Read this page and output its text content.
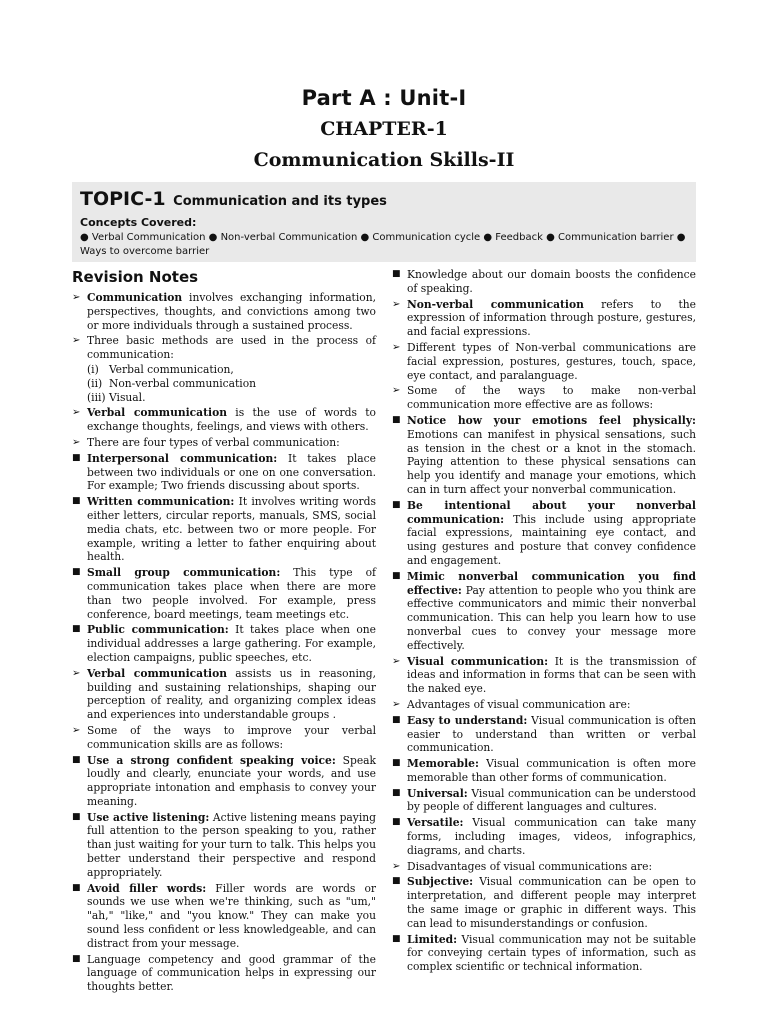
Part A : Unit-I
CHAPTER-1
Communication Skills-II
TOPIC-1 Communication and its types
Concepts Covered:
● Verbal Communication ● Non-verbal Communication ● Communication cycle ● Feedback ● Communication barrier ● Ways to overcome barrier
Revision Notes
➢ Communication involves exchanging information, perspectives, thoughts, and convictions among two or more individuals through a sustained process.
➢ Three basic methods are used in the process of communication:
(i)   Verbal communication,
(ii)  Non-verbal communication
(iii) Visual.
➢ Verbal communication is the use of words to exchange thoughts, feelings, and views with others.
➢ There are four types of verbal communication:
■ Interpersonal communication: It takes place between two individuals or one on one conversation. For example; Two friends discussing about sports.
■ Written communication: It involves writing words either letters, circular reports, manuals, SMS, social media chats, etc. between two or more people. For example, writing a letter to father enquiring about health.
■ Small group communication: This type of communication takes place when there are more than two people involved. For example, press conference, board meetings, team meetings etc.
■ Public communication: It takes place when one individual addresses a large gathering. For example, election campaigns, public speeches, etc.
➢ Verbal communication assists us in reasoning, building and sustaining relationships, shaping our perception of reality, and organizing complex ideas and experiences into understandable groups .
➢ Some of the ways to improve your verbal communication skills are as follows:
■ Use a strong confident speaking voice: Speak loudly and clearly, enunciate your words, and use appropriate intonation and emphasis to convey your meaning.
■ Use active listening: Active listening means paying full attention to the person speaking to you, rather than just waiting for your turn to talk. This helps you better understand their perspective and respond appropriately.
■ Avoid filler words: Filler words are words or sounds we use when we're thinking, such as "um," "ah," "like," and "you know." They can make you sound less confident or less knowledgeable, and can distract from your message.
■ Language competency and good grammar of the language of communication helps in expressing our thoughts better.
■ Knowledge about our domain boosts the confidence of speaking.
➢ Non-verbal communication refers to the expression of information through posture, gestures, and facial expressions.
➢ Different types of Non-verbal communications are facial expression, postures, gestures, touch, space, eye contact, and paralanguage.
➢ Some of the ways to make non-verbal communication more effective are as follows:
■ Notice how your emotions feel physically: Emotions can manifest in physical sensations, such as tension in the chest or a knot in the stomach. Paying attention to these physical sensations can help you identify and manage your emotions, which can in turn affect your nonverbal communication.
■ Be intentional about your nonverbal communication: This include using appropriate facial expressions, maintaining eye contact, and using gestures and posture that convey confidence and engagement.
■ Mimic nonverbal communication you find effective: Pay attention to people who you think are effective communicators and mimic their nonverbal communication. This can help you learn how to use nonverbal cues to convey your message more effectively.
➢ Visual communication: It is the transmission of ideas and information in forms that can be seen with the naked eye.
➢ Advantages of visual communication are:
■ Easy to understand: Visual communication is often easier to understand than written or verbal communication.
■ Memorable: Visual communication is often more memorable than other forms of communication.
■ Universal: Visual communication can be understood by people of different languages and cultures.
■ Versatile: Visual communication can take many forms, including images, videos, infographics, diagrams, and charts.
➢ Disadvantages of visual communications are:
■ Subjective: Visual communication can be open to interpretation, and different people may interpret the same image or graphic in different ways. This can lead to misunderstandings or confusion.
■ Limited: Visual communication may not be suitable for conveying certain types of information, such as complex scientific or technical information.
